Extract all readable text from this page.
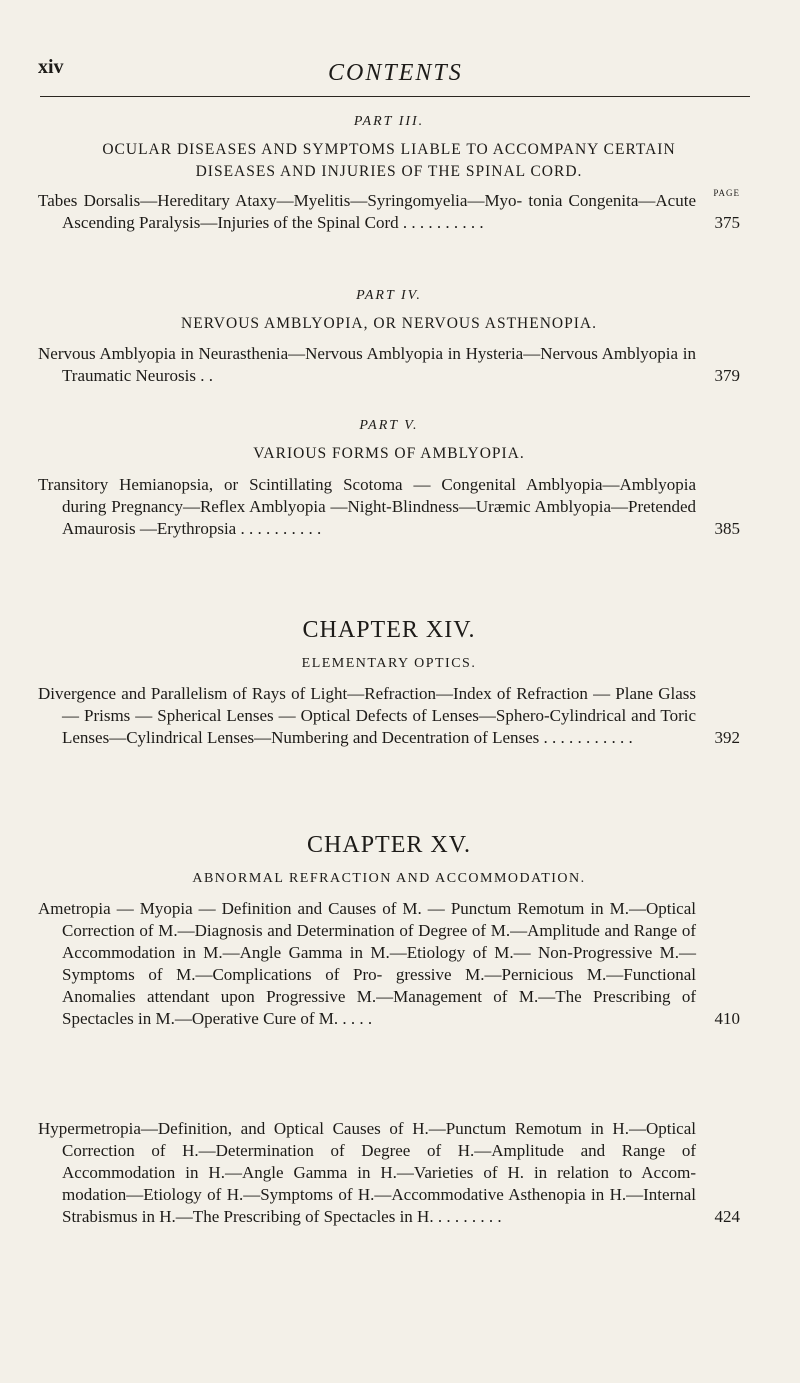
xiv	CONTENTS
PART III.
OCULAR DISEASES AND SYMPTOMS LIABLE TO ACCOMPANY CERTAIN
DISEASES AND INJURIES OF THE SPINAL CORD.
PAGE
Tabes Dorsalis—Hereditary Ataxy—Myelitis—Syringomyelia—Myo- tonia Congenita—Acute Ascending Paralysis—Injuries of the Spinal Cord . . . . . . . . . .	375
PART IV.
NERVOUS AMBLYOPIA, OR NERVOUS ASTHENOPIA.
Nervous Amblyopia in Neurasthenia—Nervous Amblyopia in Hysteria—Nervous Amblyopia in Traumatic Neurosis . .	379
PART V.
VARIOUS FORMS OF AMBLYOPIA.
Transitory Hemianopsia, or Scintillating Scotoma — Congenital Amblyopia—Amblyopia during Pregnancy—Reflex Amblyopia —Night-Blindness—Uræmic Amblyopia—Pretended Amaurosis —Erythropsia . . . . . . . . . .	385
CHAPTER XIV.
ELEMENTARY OPTICS.
Divergence and Parallelism of Rays of Light—Refraction—Index of Refraction — Plane Glass — Prisms — Spherical Lenses — Optical Defects of Lenses—Sphero-Cylindrical and Toric Lenses—Cylindrical Lenses—Numbering and Decentration of Lenses . . . . . . . . . . .	392
CHAPTER XV.
ABNORMAL REFRACTION AND ACCOMMODATION.
Ametropia — Myopia — Definition and Causes of M. — Punctum Remotum in M.—Optical Correction of M.—Diagnosis and Determination of Degree of M.—Amplitude and Range of Accommodation in M.—Angle Gamma in M.—Etiology of M.— Non-Progressive M.—Symptoms of M.—Complications of Pro- gressive M.—Pernicious M.—Functional Anomalies attendant upon Progressive M.—Management of M.—The Prescribing of Spectacles in M.—Operative Cure of M. . . . .	410
Hypermetropia—Definition, and Optical Causes of H.—Punctum Remotum in H.—Optical Correction of H.—Determination of Degree of H.—Amplitude and Range of Accommodation in H.—Angle Gamma in H.—Varieties of H. in relation to Accom- modation—Etiology of H.—Symptoms of H.—Accommodative Asthenopia in H.—Internal Strabismus in H.—The Prescribing of Spectacles in H. . . . . . . . .	424
